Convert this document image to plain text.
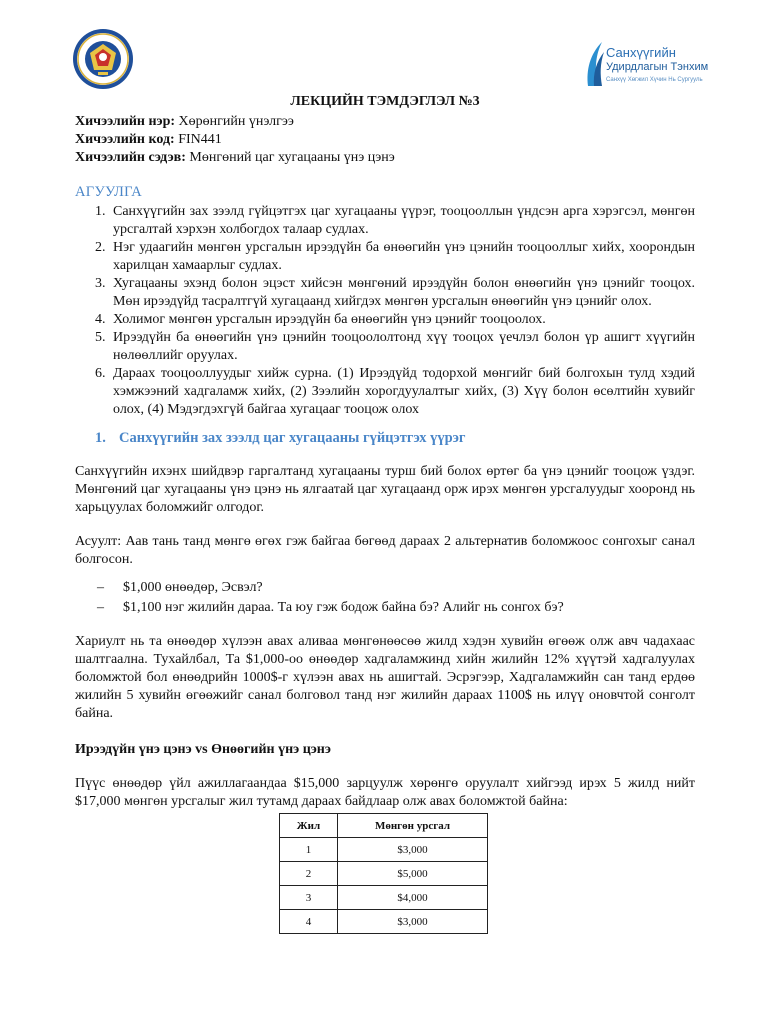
Санхүүгийн
Удирдлагын Тэнхим
Санхүү Хөгжил Хүчин Нь Сургууль
ЛЕКЦИЙН ТЭМДЭГЛЭЛ №3

Хичээлийн нэр: Хөрөнгийн үнэлгээ

Хичээлийн код: FIN441

Хичээлийн сэдэв: Мөнгөний цаг хугацааны үнэ цэнэ

АГУУЛГА
1. Санхүүгийн зах зээлд гүйцэтгэх цаг хугацааны үүрэг, тооцооллын үндсэн арга хэрэгсэл, мөнгөн урсгалтай хэрхэн холбогдох талаар судлах.
2. Нэг удаагийн мөнгөн урсгалын ирээдүйн ба өнөөгийн үнэ цэнийн тооцооллыг хийх, хоорондын харилцан хамаарлыг судлах.
3. Хугацааны эхэнд болон эцэст хийсэн мөнгөний ирээдүйн болон өнөөгийн үнэ цэнийг тооцох. Мөн ирээдүйд тасралтгүй хугацаанд хийгдэх мөнгөн урсгалын өнөөгийн үнэ цэнийг олох.
4. Холимог мөнгөн урсгалын ирээдүйн ба өнөөгийн үнэ цэнийг тооцоолох.
5. Ирээдүйн ба өнөөгийн үнэ цэнийн тооцоололтонд хүү тооцох үечлэл болон үр ашигт хүүгийн нөлөөллийг оруулах.
6. Дараах тооцооллуудыг хийж сурна. (1) Ирээдүйд тодорхой мөнгийг бий болгохын тулд хэдий хэмжээний хадгаламж хийх, (2) Зээлийн хорогдуулалтыг хийх, (3) Хүү болон өсөлтийн хувийг олох, (4) Мэдэгдэхгүй байгаа хугацааг тооцож олох
1. Санхүүгийн зах зээлд цаг хугацааны гүйцэтгэх үүрэг

Санхүүгийн ихэнх шийдвэр гаргалтанд хугацааны турш бий болох өртөг ба үнэ цэнийг тооцож үздэг. Мөнгөний цаг хугацааны үнэ цэнэ нь ялгаатай цаг хугацаанд орж ирэх мөнгөн урсгалуудыг хооронд нь харьцуулах боломжийг олгодог.

Асуулт: Аав тань танд мөнгө өгөх гэж байгаа бөгөөд дараах 2 альтернатив боломжоос сонгохыг санал болгосон.

– $1,000 өнөөдөр, Эсвэл?
– $1,100 нэг жилийн дараа. Та юу гэж бодож байна бэ? Алийг нь сонгох бэ?

Хариулт нь та өнөөдөр хүлээн авах аливаа мөнгөнөөсөө жилд хэдэн хувийн өгөөж олж авч чадахаас шалтгаална. Тухайлбал, Та $1,000-оо өнөөдөр хадгаламжинд хийн жилийн 12% хүүтэй хадгалуулах боломжтой бол өнөөдрийн 1000$-г хүлээн авах нь ашигтай. Эсрэгээр, Хадгаламжийн сан танд ердөө жилийн 5 хувийн өгөөжийг санал болговол танд нэг жилийн дараах 1100$ нь илүү оновчтой сонголт байна.

Ирээдүйн үнэ цэнэ vs Өнөөгийн үнэ цэнэ

Пүүс өнөөдөр үйл ажиллагаандаа $15,000 зарцуулж хөрөнгө оруулалт хийгээд ирэх 5 жилд нийт $17,000 мөнгөн урсгалыг жил тутамд дараах байдлаар олж авах боломжтой байна:

Жил	Мөнгөн урсгал
1	$3,000
2	$5,000
3	$4,000
4	$3,000
